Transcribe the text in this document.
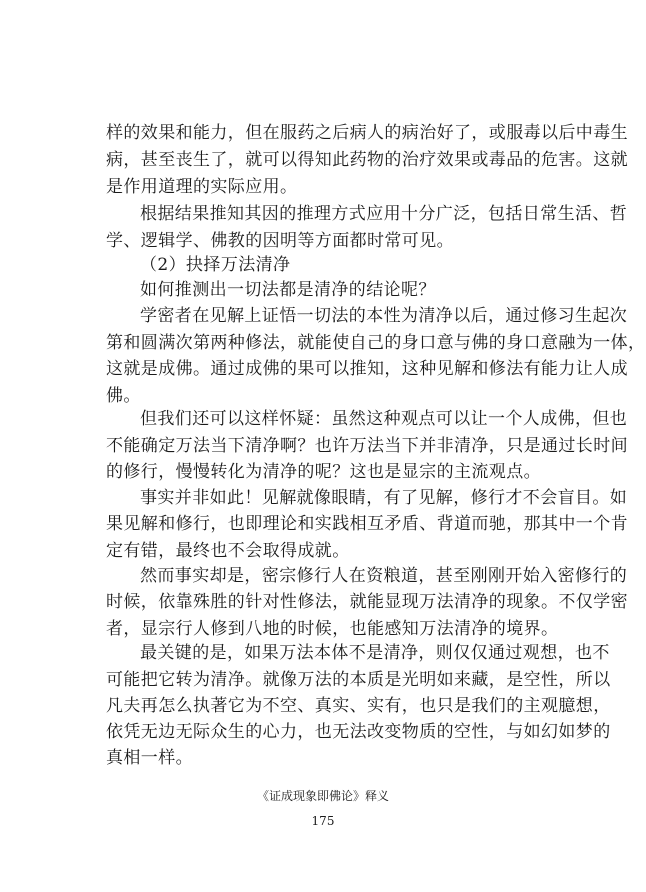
样的效果和能力，但在服药之后病人的病治好了，或服毒以后中毒生
病，甚至丧生了，就可以得知此药物的治疗效果或毒品的危害。这就
是作用道理的实际应用。
根据结果推知其因的推理方式应用十分广泛，包括日常生活、哲
学、逻辑学、佛教的因明等方面都时常可见。
（2）抉择万法清净
如何推测出一切法都是清净的结论呢？
学密者在见解上证悟一切法的本性为清净以后，通过修习生起次
第和圆满次第两种修法，就能使自己的身口意与佛的身口意融为一体，
这就是成佛。通过成佛的果可以推知，这种见解和修法有能力让人成
佛。
但我们还可以这样怀疑：虽然这种观点可以让一个人成佛，但也
不能确定万法当下清净啊？也许万法当下并非清净，只是通过长时间
的修行，慢慢转化为清净的呢？这也是显宗的主流观点。
事实并非如此！见解就像眼睛，有了见解，修行才不会盲目。如
果见解和修行，也即理论和实践相互矛盾、背道而驰，那其中一个肯
定有错，最终也不会取得成就。
然而事实却是，密宗修行人在资粮道，甚至刚刚开始入密修行的
时候，依靠殊胜的针对性修法，就能显现万法清净的现象。不仅学密
者，显宗行人修到八地的时候，也能感知万法清净的境界。
最关键的是，如果万法本体不是清净，则仅仅通过观想，也不
可能把它转为清净。就像万法的本质是光明如来藏，是空性，所以
凡夫再怎么执著它为不空、真实、实有，也只是我们的主观臆想，
依凭无边无际众生的心力，也无法改变物质的空性，与如幻如梦的
真相一样。
《证成现象即佛论》释义
175
